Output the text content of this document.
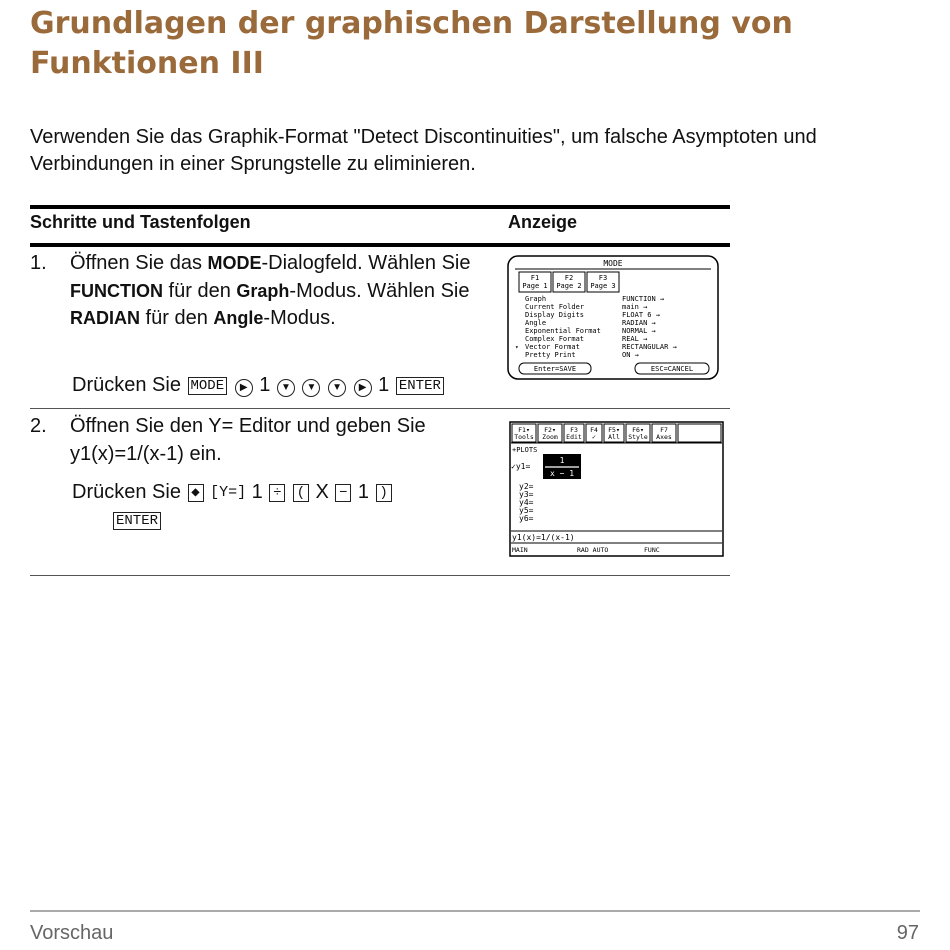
Grundlagen der graphischen Darstellung von Funktionen III

Verwenden Sie das Graphik-Format "Detect Discontinuities", um falsche Asymptoten und Verbindungen in einer Sprungstelle zu eliminieren.

Schritte und Tastenfolgen	Anzeige
1. Öffnen Sie das MODE-Dialogfeld. Wählen Sie FUNCTION für den Graph-Modus. Wählen Sie RADIAN für den Angle-Modus.
Drücken Sie MODE ▶ 1 ▼ ▼ ▼ ▶ 1 ENTER
MODE
F1
Page 1
F2
Page 2
F3
Page 3
Graph	FUNCTION →
Current Folder	main →
Display Digits	FLOAT 6 →
Angle	RADIAN →
Exponential Format	NORMAL →
Complex Format	REAL →
Vector Format	RECTANGULAR →
Pretty Print	ON →
▾
Enter=SAVE	ESC=CANCEL
2. Öffnen Sie den Y= Editor und geben Sie y1(x)=1/(x-1) ein.
Drücken Sie ◆ [Y=] 1 ÷ ( X − 1 )
ENTER
F1▾
Tools
F2▾
Zoom
F3
Edit
F4
✓
F5▾
All
F6▾
Style
F7
Axes
+PLOTS
✓y1=
1
x − 1
y2=
y3=
y4=
y5=
y6=
y1(x)=1/(x-1)
MAIN	RAD AUTO	FUNC
Vorschau	97
